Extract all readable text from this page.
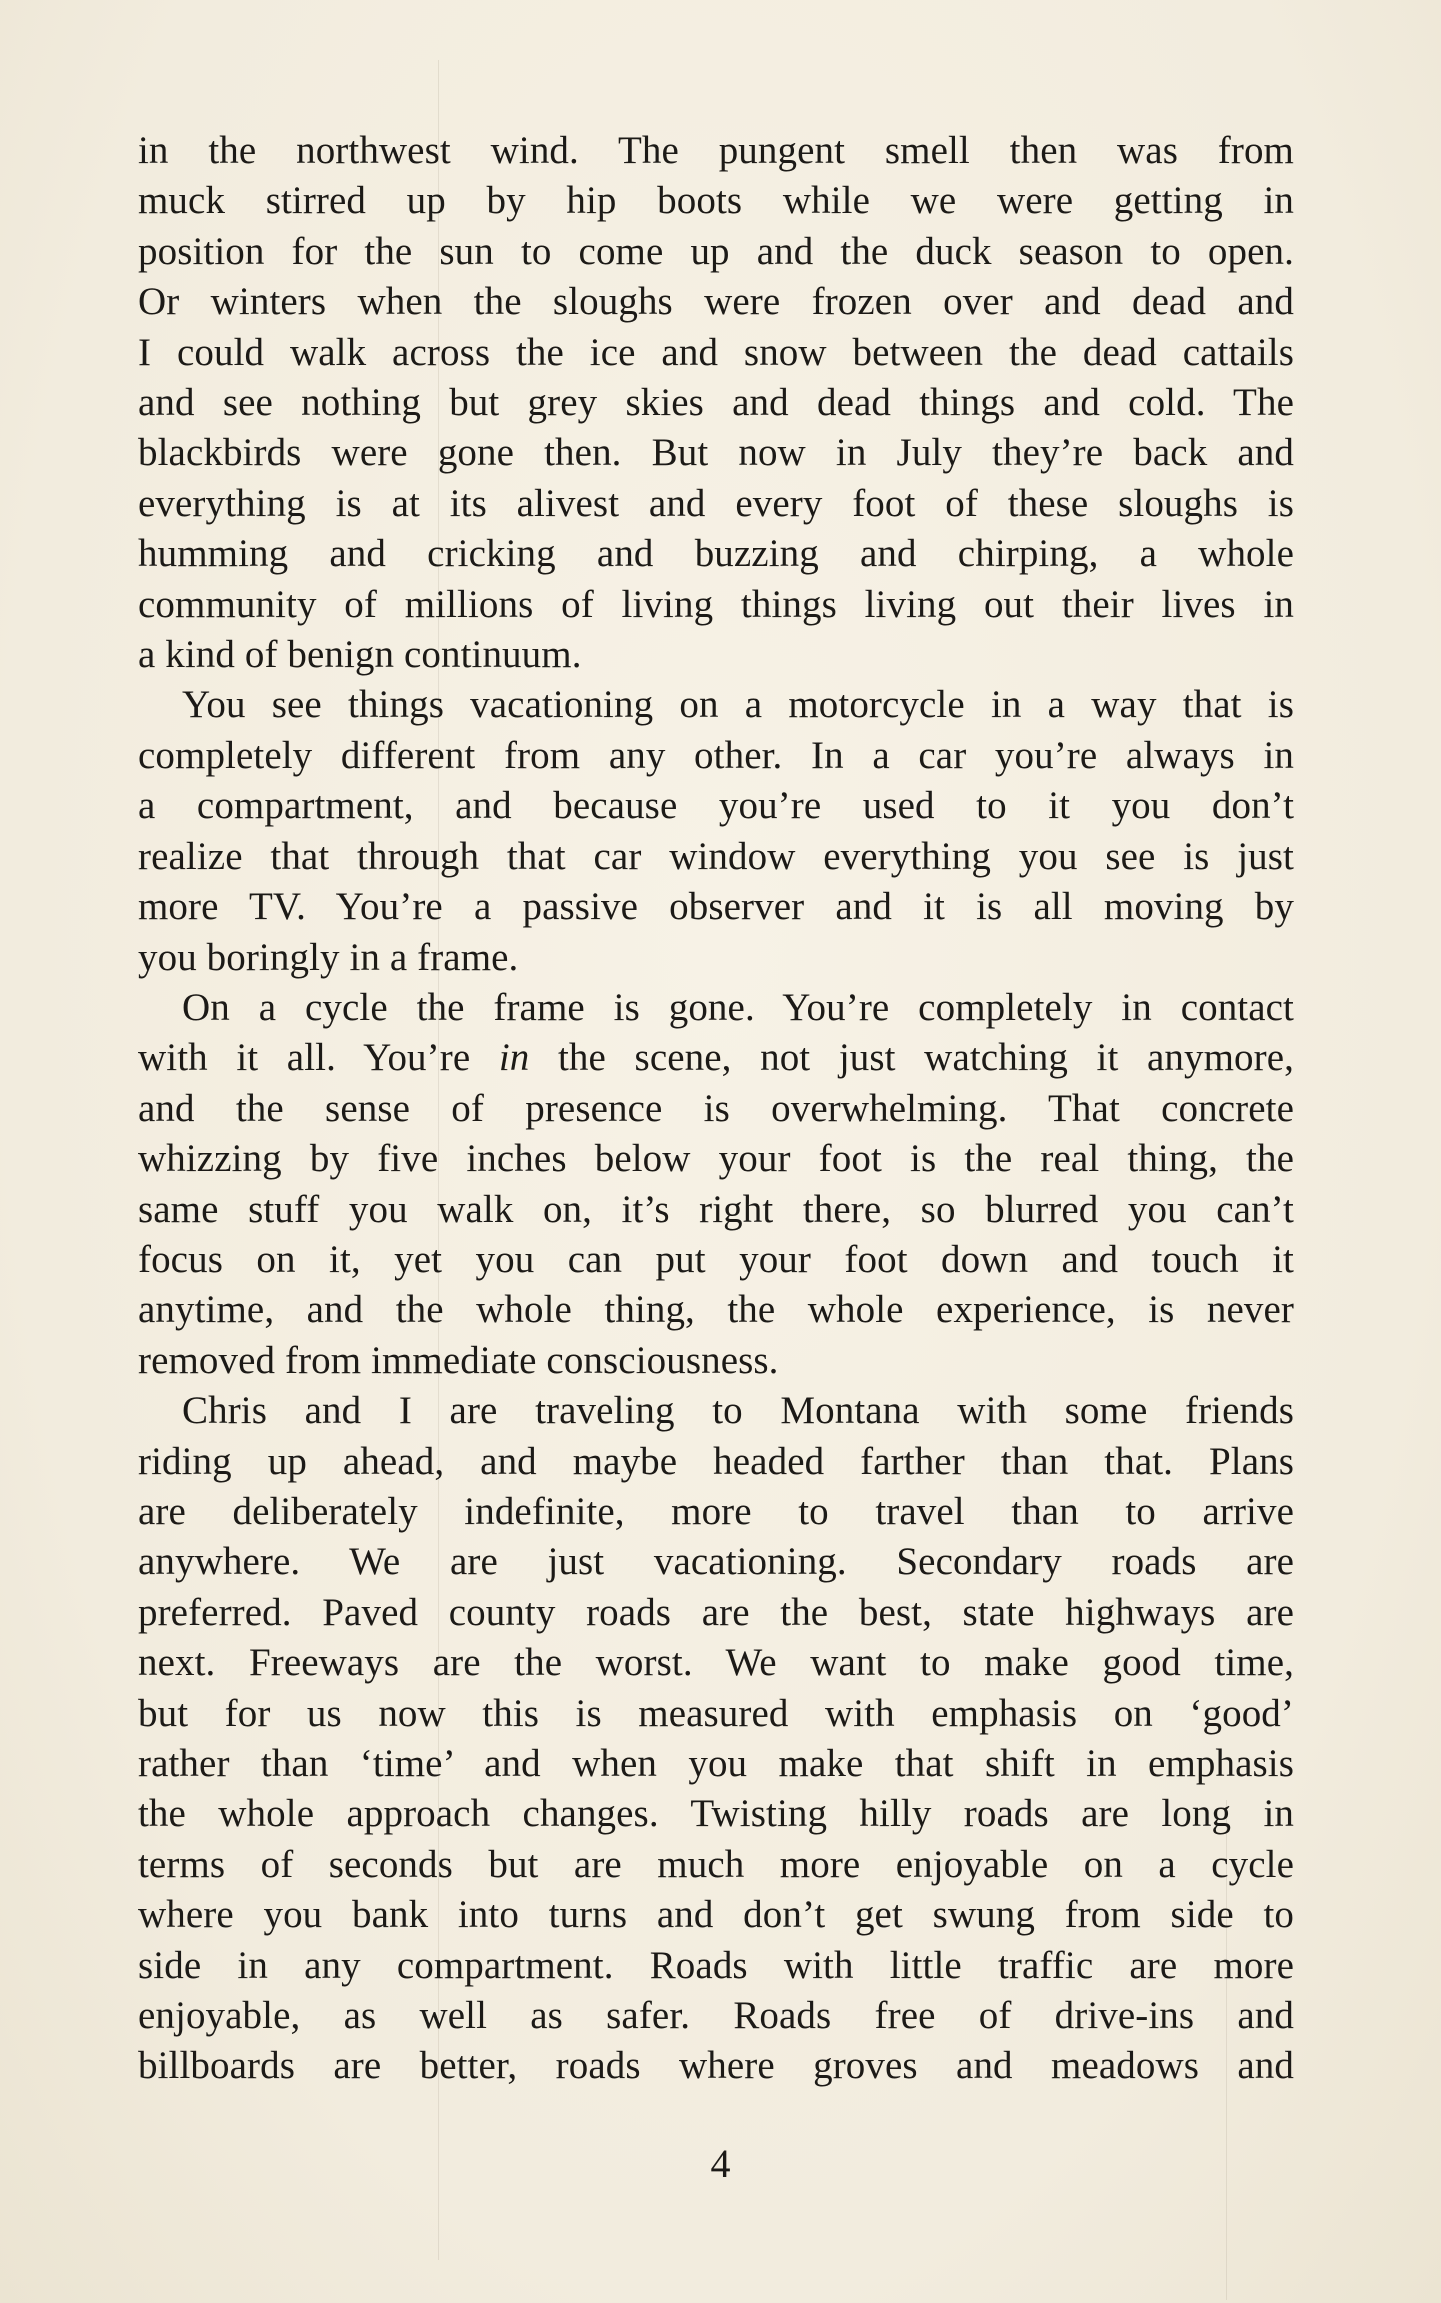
in the northwest wind. The pungent smell then was from
muck stirred up by hip boots while we were getting in
position for the sun to come up and the duck season to open.
Or winters when the sloughs were frozen over and dead and
I could walk across the ice and snow between the dead cattails
and see nothing but grey skies and dead things and cold. The
blackbirds were gone then. But now in July they’re back and
everything is at its alivest and every foot of these sloughs is
humming and cricking and buzzing and chirping, a whole
community of millions of living things living out their lives in
a kind of benign continuum.

You see things vacationing on a motorcycle in a way that is
completely different from any other. In a car you’re always in
a compartment, and because you’re used to it you don’t
realize that through that car window everything you see is just
more TV. You’re a passive observer and it is all moving by
you boringly in a frame.

On a cycle the frame is gone. You’re completely in contact
with it all. You’re in the scene, not just watching it anymore,
and the sense of presence is overwhelming. That concrete
whizzing by five inches below your foot is the real thing, the
same stuff you walk on, it’s right there, so blurred you can’t
focus on it, yet you can put your foot down and touch it
anytime, and the whole thing, the whole experience, is never
removed from immediate consciousness.

Chris and I are traveling to Montana with some friends
riding up ahead, and maybe headed farther than that. Plans
are deliberately indefinite, more to travel than to arrive
anywhere. We are just vacationing. Secondary roads are
preferred. Paved county roads are the best, state highways are
next. Freeways are the worst. We want to make good time,
but for us now this is measured with emphasis on ‘good’
rather than ‘time’ and when you make that shift in emphasis
the whole approach changes. Twisting hilly roads are long in
terms of seconds but are much more enjoyable on a cycle
where you bank into turns and don’t get swung from side to
side in any compartment. Roads with little traffic are more
enjoyable, as well as safer. Roads free of drive-ins and
billboards are better, roads where groves and meadows and

4
